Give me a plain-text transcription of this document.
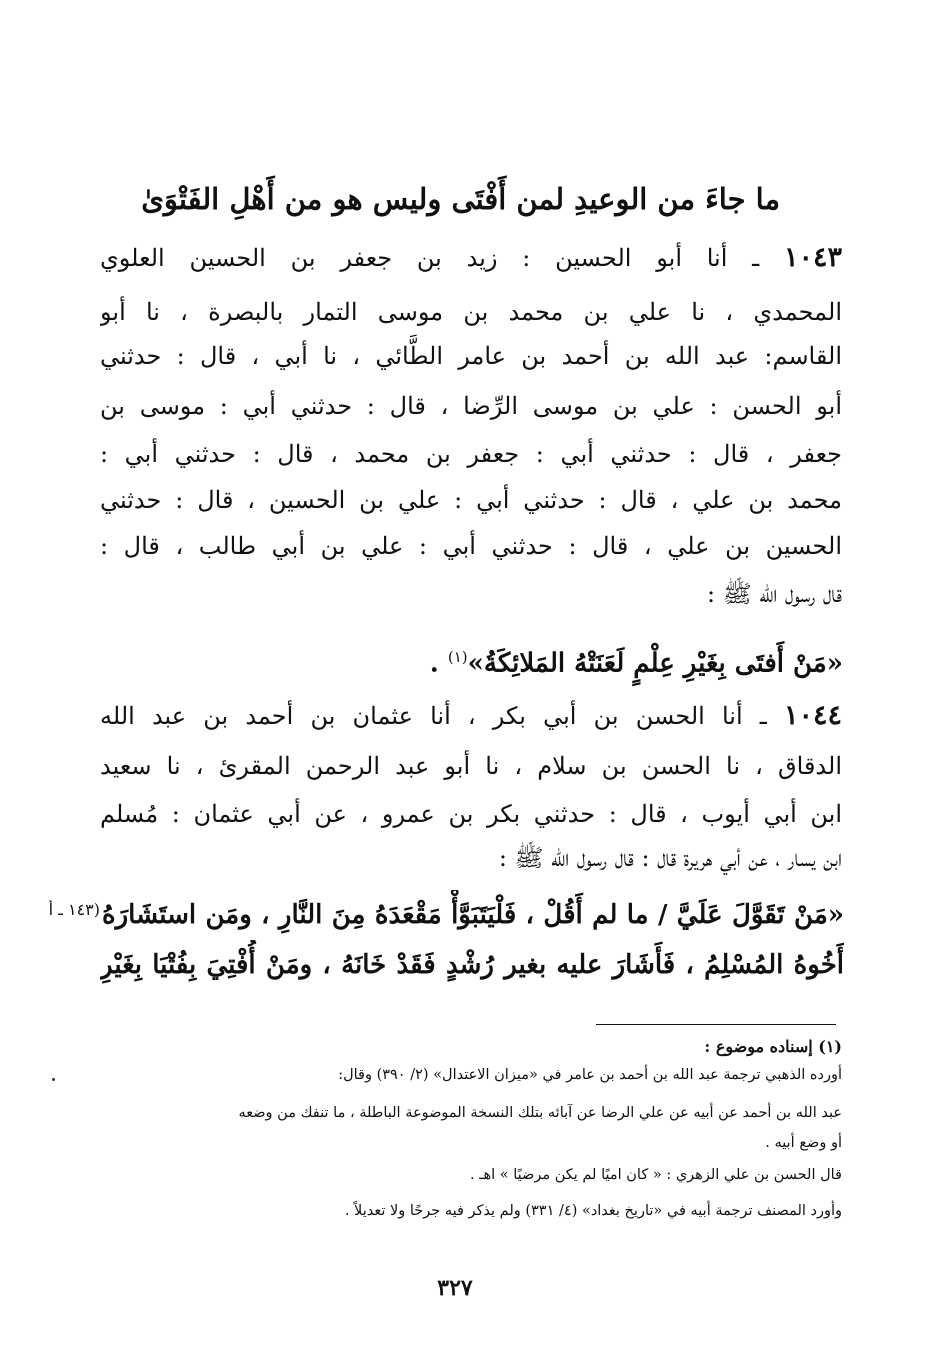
ما جاءَ من الوعيدِ لمن أَفْتَى وليس هو من أَهْلِ الفَتْوَىٰ
١٠٤٣ ـ أنا أبو الحسين : زيد بن جعفر بن الحسين العلوي
المحمدي ، نا علي بن محمد بن موسى التمار بالبصرة ، نا أبو
القاسم: عبد الله بن أحمد بن عامر الطَّائي ، نا أبي ، قال : حدثني
أبو الحسن : علي بن موسى الرِّضا ، قال : حدثني أبي : موسى بن
جعفر ، قال : حدثني أبي : جعفر بن محمد ، قال : حدثني أبي :
محمد بن علي ، قال : حدثني أبي : علي بن الحسين ، قال : حدثني
الحسين بن علي ، قال : حدثني أبي : علي بن أبي طالب ، قال :
قال رسول الله ﷺ :
«مَنْ أَفتَى بِغَيْرِ عِلْمٍ لَعَنَتْهُ المَلائِكَةُ»$^{(١)}$ .
١٠٤٤ ـ أنا الحسن بن أبي بكر ، أنا عثمان بن أحمد بن عبد الله
الدقاق ، نا الحسن بن سلام ، نا أبو عبد الرحمن المقرئ ، نا سعيد
ابن أبي أيوب ، قال : حدثني بكر بن عمرو ، عن أبي عثمان : مُسلم
ابن يسار ، عن أبي هريرة قال : قال رسول الله ﷺ :
«مَنْ تَقَوَّلَ عَلَيَّ / ما لم أَقُلْ ، فَلْيَتَبَوَّأْ مَقْعَدَهُ مِنَ النَّارِ ، ومَن استَشَارَهُ
(١٤٣ ـ أ
أَخُوهُ المُسْلِمُ ، فَأَشَارَ عليه بغير رُشْدٍ فَقَدْ خَانَهُ ، ومَنْ أُفْتِيَ بِفُتْيَا بِغَيْرِ
(١) إسناده موضوع :
أورده الذهبي ترجمة عبد الله بن أحمد بن عامر في «ميزان الاعتدال» (٢/ ٣٩٠) وقال:
عبد الله بن أحمد عن أبيه عن علي الرضا عن آبائه بتلك النسخة الموضوعة الباطلة ، ما تنفك من وضعه
أو وضع أبيه .
قال الحسن بن علي الزهري : « كان اميًا لم يكن مرضيًا » اهـ .
وأورد المصنف ترجمة أبيه في «تاريخ بغداد» (٤/ ٣٣١) ولم يذكر فيه جرحًا ولا تعديلاً .
٣٢٧
